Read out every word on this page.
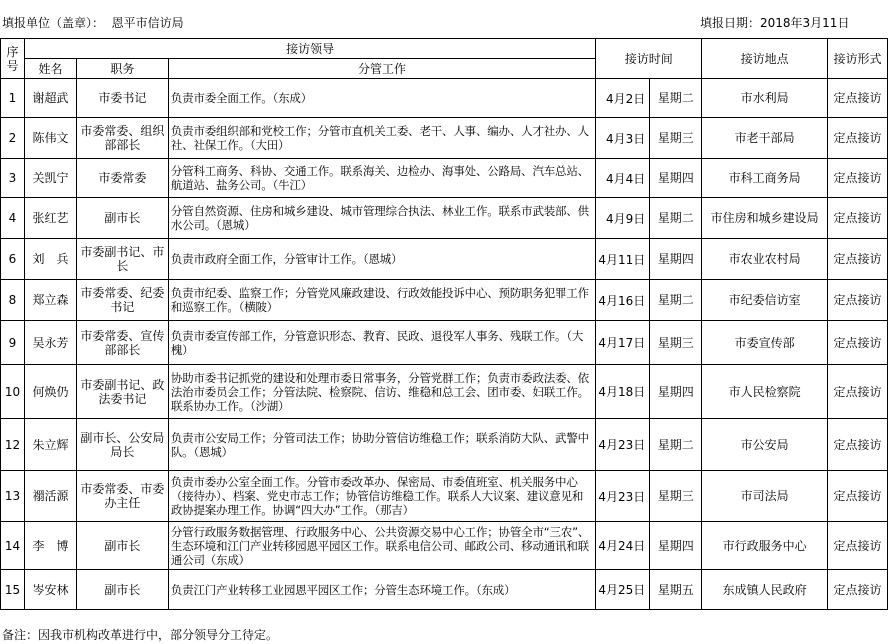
填报单位（盖章）：  恩平市信访局	填报日期：2018年3月11日
序号	接访领导			接访时间		接访地点	接访形式
	姓名	职务	分管工作				
1	谢超武	市委书记	负责市委全面工作。（东成）	4月2日	星期二	市水利局	定点接访
2	陈伟文	市委常委、组织部部长	负责市委组织部和党校工作；分管市直机关工委、老干、人事、编办、人才社办、人社、社保工作。（大田）	4月3日	星期三	市老干部局	定点接访
3	关凯宁	市委常委	分管科工商务、科协、交通工作。联系海关、边检办、海事处、公路局、汽车总站、航道站、盐务公司。（牛江）	4月4日	星期四	市科工商务局	定点接访
4	张红艺	副市长	分管自然资源、住房和城乡建设、城市管理综合执法、林业工作。联系市武装部、供水公司。（恩城）	4月9日	星期二	市住房和城乡建设局	定点接访
6	刘　兵	市委副书记、市长	负责市政府全面工作，分管审计工作。（恩城）	4月11日	星期四	市农业农村局	定点接访
8	郑立森	市委常委、纪委书记	负责市纪委、监察工作；分管党风廉政建设、行政效能投诉中心、预防职务犯罪工作和巡察工作。（横陂）	4月16日	星期二	市纪委信访室	定点接访
9	吴永芳	市委常委、宣传部部长	负责市委宣传部工作，分管意识形态、教育、民政、退役军人事务、残联工作。（大槐）	4月17日	星期三	市委宣传部	定点接访
10	何焕仍	市委副书记、政法委书记	协助市委书记抓党的建设和处理市委日常事务，分管党群工作；负责市委政法委、依法治市委员会工作；分管法院、检察院、信访、维稳和总工会、团市委、妇联工作。联系协办工作。（沙湖）	4月18日	星期四	市人民检察院	定点接访
12	朱立辉	副市长、公安局局长	负责市公安局工作；分管司法工作；协助分管信访维稳工作；联系消防大队、武警中队。（恩城）	4月23日	星期二	市公安局	定点接访
13	禤活源	市委常委、市委办主任	负责市委办公室全面工作。分管市委改革办、保密局、市委值班室、机关服务中心（接待办）、档案、党史市志工作；协管信访维稳工作。联系人大议案、建议意见和政协提案办理工作。协调“四大办”工作。（那吉）	4月23日	星期三	市司法局	定点接访
14	李　博	副市长	分管行政服务数据管理、行政服务中心、公共资源交易中心工作；协管全市“三农”、生态环境和江门产业转移园恩平园区工作。联系电信公司、邮政公司、移动通讯和联通公司（东成）	4月24日	星期四	市行政服务中心	定点接访
15	岑安林	副市长	负责江门产业转移工业园恩平园区工作；分管生态环境工作。（东成）	4月25日	星期五	东成镇人民政府	定点接访
备注：因我市机构改革进行中，部分领导分工待定。
